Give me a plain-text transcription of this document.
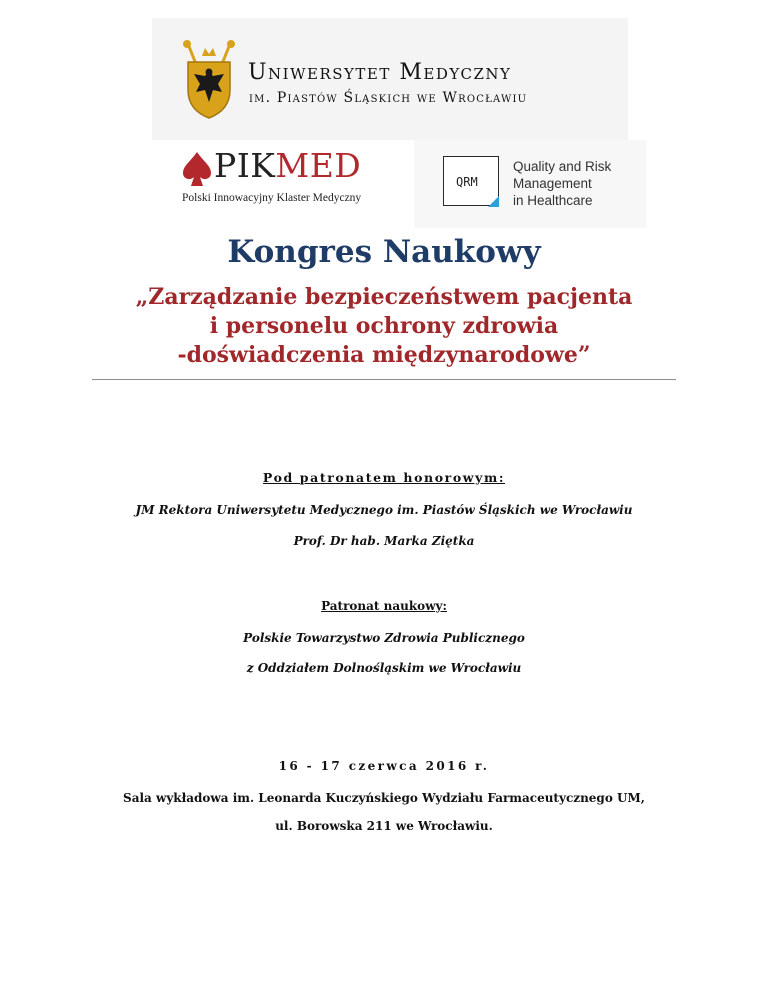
Uniwersytet Medyczny
im. Piastów Śląskich we Wrocławiu
PIKMED
Polski Innowacyjny Klaster Medyczny
QRM
Quality and Risk
Management
in Healthcare
Kongres Naukowy
„Zarządzanie bezpieczeństwem pacjenta
i personelu ochrony zdrowia
-doświadczenia międzynarodowe”
Pod patronatem honorowym:
JM Rektora Uniwersytetu Medycznego im. Piastów Śląskich we Wrocławiu
Prof. Dr hab. Marka Ziętka
Patronat naukowy:
Polskie Towarzystwo Zdrowia Publicznego
z Oddziałem Dolnośląskim we Wrocławiu
16 - 17 czerwca 2016 r.
Sala wykładowa im. Leonarda Kuczyńskiego Wydziału Farmaceutycznego UM,
ul. Borowska 211 we Wrocławiu.
